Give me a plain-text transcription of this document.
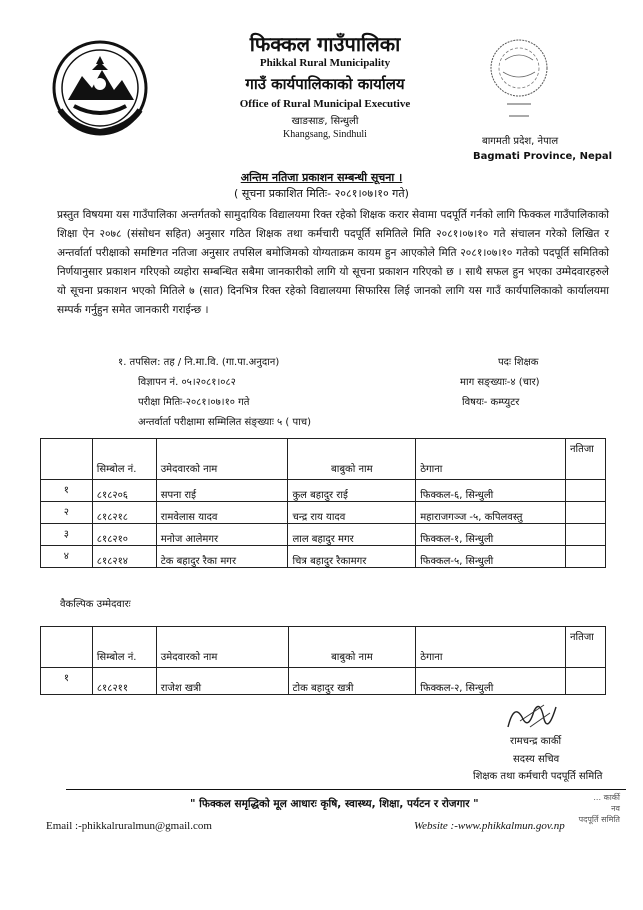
फिक्कल गाउँपालिका
Phikkal Rural Municipality
गाउँ कार्यपालिकाको कार्यालय
Office of Rural Municipal Executive
खाङसाङ, सिन्धुली
Khangsang, Sindhuli
बागमती प्रदेश, नेपाल
Bagmati Province, Nepal
अन्तिम नतिजा प्रकाशन सम्बन्धी सूचना ।
( सूचना प्रकाशित मितिः- २०८१।०७।१० गते)
प्रस्तुत विषयमा यस गाउँपालिका अन्तर्गतको सामुदायिक विद्यालयमा रिक्त रहेको शिक्षक करार सेवामा पदपूर्ति गर्नको लागि फिक्कल गाउँपालिकाको शिक्षा ऐन २०७८ (संसोधन सहित) अनुसार गठित शिक्षक तथा कर्मचारी पदपूर्ति समितिले मिति २०८१।०७।१० गते संचालन गरेको लिखित र अन्तर्वार्ता परीक्षाको समष्टिगत नतिजा अनुसार तपसिल बमोजिमको योग्यताक्रम कायम हुन आएकोले मिति २०८१।०७।१० गतेको पदपूर्ति समितिको निर्णयानुसार प्रकाशन गरिएको व्यहोरा सम्बन्धित सबैमा जानकारीको लागि यो सूचना प्रकाशन गरिएको छ । साथै सफल हुन भएका उम्मेदवारहरुले यो सूचना प्रकाशन भएको मितिले ७ (सात) दिनभित्र रिक्त रहेको विद्यालयमा सिफारिस लिई जानको लागि यस गाउँ कार्यपालिकाको कार्यालयमा सम्पर्क गर्नुहुन समेत जानकारी गराईन्छ ।
१. तपसिल: तह / नि.मा.वि. (गा.पा.अनुदान)
विज्ञापन नं. ०५।२०८१।०८२
परीक्षा मितिः-२०८१।०७।१० गते
अन्तर्वार्ता परीक्षामा सम्मिलित संङ्ख्याः ५ ( पाच)
पदः शिक्षक
माग सङ्ख्याः-४ (चार)
विषयः- कम्प्युटर
	सिम्बोल नं.	उमेदवारको नाम	बाबुको नाम	ठेगाना	नतिजा
१	८१८२०६	सपना राई	कुल बहादुर राई	फिक्कल-६, सिन्धुली	
२	८१८२१८	रामवेलास यादव	चन्द्र राय यादव	महाराजगञ्ज -५, कपिलवस्तु	
३	८१८२१०	मनोज आलेमगर	लाल बहादुर मगर	फिक्कल-१, सिन्धुली	
४	८१८२१४	टेक बहादुर रैका मगर	चित्र बहादुर रैकामगर	फिक्कल-५, सिन्धुली	
वैकल्पिक उम्मेदवारः
	सिम्बोल नं.	उमेदवारको नाम	बाबुको नाम	ठेगाना	नतिजा
१	८१८२११	राजेश खत्री	टोक बहादुर खत्री	फिक्कल-२, सिन्धुली	
रामचन्द्र कार्की
सदस्य सचिव
शिक्षक तथा कर्मचारी पदपूर्ति समिति
" फिक्कल समृद्धिको मूल आधारः कृषि, स्वास्थ्य, शिक्षा, पर्यटन र रोजगार "
... कार्की
नव
पदपूर्ति समिति
Email :-phikkalruralmun@gmail.com	Website :-www.phikkalmun.gov.np
